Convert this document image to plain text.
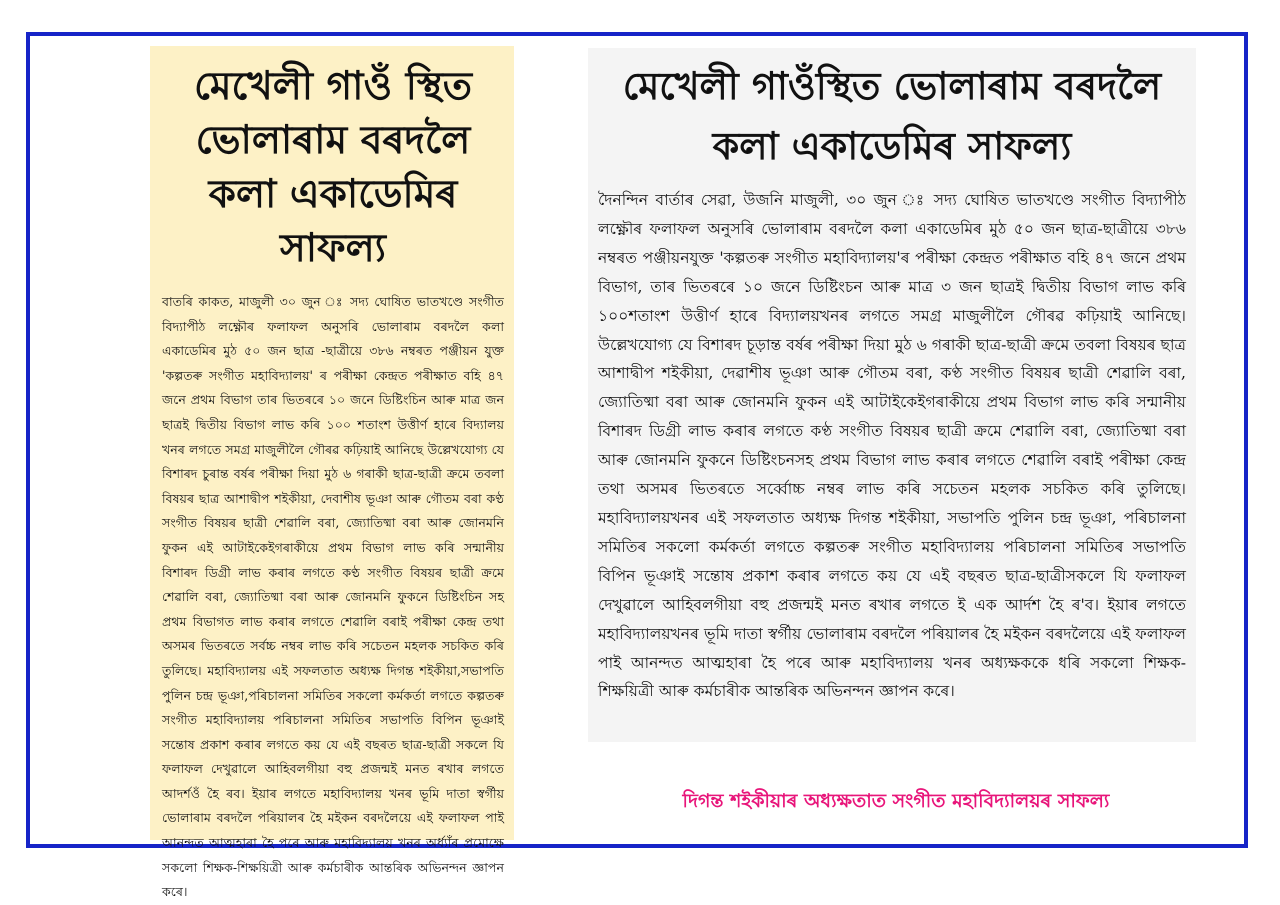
মেখেলী গাওঁ স্থিত ভোলাৰাম বৰদলৈ কলা একাডেমিৰ সাফল্য

বাতৰি কাকত, মাজুলী ৩০ জুন ঃ সদ্য ঘোষিত ভাতখণ্ডে সংগীত বিদ্যাপীঠ লক্ষ্ণৌৰ ফলাফল অনুসৰি ভোলাৰাম বৰদলৈ কলা একাডেমিৰ মুঠ ৫০ জন ছাত্ৰ -ছাত্ৰীয়ে ৩৮৬ নম্বৰত পঞ্জীয়ন যুক্ত 'কল্পতৰু সংগীত মহাবিদ্যালয়' ৰ পৰীক্ষা কেন্দ্ৰত পৰীক্ষাত বহি ৪৭ জনে প্ৰথম বিভাগ তাৰ ভিতৰৰে ১০ জনে ডিষ্টিংচিন আৰু মাত্ৰ জন ছাত্ৰই দ্বিতীয় বিভাগ লাভ কৰি ১০০ শতাংশ উত্তীৰ্ণ হাৰে বিদ্যালয় খনৰ লগতে সমগ্ৰ মাজুলীলৈ গৌৰৱ কঢ়িয়াই আনিছে উল্লেখযোগ্য যে বিশাৰদ চুৰান্ত বৰ্ষৰ পৰীক্ষা দিয়া মুঠ ৬ গৰাকী ছাত্ৰ-ছাত্ৰী ক্ৰমে তবলা বিষয়ৰ ছাত্ৰ আশাদ্বীপ শইকীয়া, দেবাশীষ ভূঞা আৰু গৌতম বৰা কণ্ঠ সংগীত বিষয়ৰ ছাত্ৰী শেৱালি বৰা, জ্যোতিষ্মা বৰা আৰু জোনমনি ফুকন এই আটাইকেইগৰাকীয়ে প্ৰথম বিভাগ লাভ কৰি সন্মানীয় বিশাৰদ ডিগ্ৰী লাভ কৰাৰ লগতে কণ্ঠ সংগীত বিষয়ৰ ছাত্ৰী ক্ৰমে শেৱালি বৰা, জ্যোতিষ্মা বৰা আৰু জোনমনি ফুকনে ডিষ্টিংচিন সহ প্ৰথম বিভাগত লাভ কৰাৰ লগতে শেৱালি বৰাই পৰীক্ষা কেন্দ্ৰ তথা অসমৰ ভিতৰতে সৰ্বচ্চ নম্বৰ লাভ কৰি সচেতন মহলক সচকিত কৰি তুলিছে। মহাবিদ্যালয় এই সফলতাত অধ্যক্ষ দিগন্ত শইকীয়া,সভাপতি পুলিন চন্দ্ৰ ভূঞা,পৰিচালনা সমিতিৰ সকলো কৰ্মকৰ্তা লগতে কল্পতৰু সংগীত মহাবিদ্যালয় পৰিচালনা সমিতিৰ সভাপতি বিপিন ভূঞাই সন্তোষ প্ৰকাশ কৰাৰ লগতে কয় যে এই বছৰত ছাত্ৰ-ছাত্ৰী সকলে যি ফলাফল দেখুৱালে আহিবলগীয়া বহু প্ৰজন্মই মনত ৰখাৰ লগতে আদৰ্শওঁ হৈ ৰব। ইয়াৰ লগতে মহাবিদ্যালয় খনৰ ভূমি দাতা স্বৰ্গীয় ভোলাৰাম বৰদলৈ পৰিয়ালৰ হৈ মইকন বৰদলৈয়ে এই ফলাফল পাই আনন্দত আত্মহাৰা হৈ পৰে আৰু মহাবিদ্যালয় খনৰ অৰ্ধ্যাঁৰ প্ৰমোক্ষে সকলো শিক্ষক-শিক্ষয়িত্ৰী আৰু কৰ্মচাৰীক আন্তৰিক অভিনন্দন জ্ঞাপন কৰে।

মেখেলী গাওঁস্থিত ভোলাৰাম বৰদলৈ কলা একাডেমিৰ সাফল্য

দৈনন্দিন বাৰ্তাৰ সেৱা, উজনি মাজুলী, ৩০ জুন ঃ সদ্য ঘোষিত ভাতখণ্ডে সংগীত বিদ্যাপীঠ লক্ষ্ণৌৰ ফলাফল অনুসৰি ভোলাৰাম বৰদলৈ কলা একাডেমিৰ মুঠ ৫০ জন ছাত্ৰ-ছাত্ৰীয়ে ৩৮৬ নম্বৰত পঞ্জীয়নযুক্ত 'কল্পতৰু সংগীত মহাবিদ্যালয়'ৰ পৰীক্ষা কেন্দ্ৰত পৰীক্ষাত বহি ৪৭ জনে প্ৰথম বিভাগ, তাৰ ভিতৰৰে ১০ জনে ডিষ্টিংচন আৰু মাত্ৰ ৩ জন ছাত্ৰই দ্বিতীয় বিভাগ লাভ কৰি ১০০শতাংশ উত্তীৰ্ণ হাৰে বিদ্যালয়খনৰ লগতে সমগ্ৰ মাজুলীলৈ গৌৰৱ কঢ়িয়াই আনিছে। উল্লেখযোগ্য যে বিশাৰদ চূড়ান্ত বৰ্ষৰ পৰীক্ষা দিয়া মুঠ ৬ গৰাকী ছাত্ৰ-ছাত্ৰী ক্ৰমে তবলা বিষয়ৰ ছাত্ৰ আশাদ্বীপ শইকীয়া, দেৱাশীষ ভূঞা আৰু গৌতম বৰা, কণ্ঠ সংগীত বিষয়ৰ ছাত্ৰী শেৱালি বৰা, জ্যোতিষ্মা বৰা আৰু জোনমনি ফুকন এই আটাইকেইগৰাকীয়ে প্ৰথম বিভাগ লাভ কৰি সন্মানীয় বিশাৰদ ডিগ্ৰী লাভ কৰাৰ লগতে কণ্ঠ সংগীত বিষয়ৰ ছাত্ৰী ক্ৰমে শেৱালি বৰা, জ্যোতিষ্মা বৰা আৰু জোনমনি ফুকনে ডিষ্টিংচনসহ প্ৰথম বিভাগ লাভ কৰাৰ লগতে শেৱালি বৰাই পৰীক্ষা কেন্দ্ৰ তথা অসমৰ ভিতৰতে সৰ্ব্বোচ্চ নম্বৰ লাভ কৰি সচেতন মহলক সচকিত কৰি তুলিছে। মহাবিদ্যালয়খনৰ এই সফলতাত অধ্যক্ষ দিগন্ত শইকীয়া, সভাপতি পুলিন চন্দ্ৰ ভূঞা, পৰিচালনা সমিতিৰ সকলো কৰ্মকৰ্তা লগতে কল্পতৰু সংগীত মহাবিদ্যালয় পৰিচালনা সমিতিৰ সভাপতি বিপিন ভূঞাই সন্তোষ প্ৰকাশ কৰাৰ লগতে কয় যে এই বছৰত ছাত্ৰ-ছাত্ৰীসকলে যি ফলাফল দেখুৱালে আহিবলগীয়া বহু প্ৰজন্মই মনত ৰখাৰ লগতে ই এক আৰ্দশ হৈ ৰ'ব। ইয়াৰ লগতে মহাবিদ্যালয়খনৰ ভূমি দাতা স্বৰ্গীয় ভোলাৰাম বৰদলৈ পৰিয়ালৰ হৈ মইকন বৰদলৈয়ে এই ফলাফল পাই আনন্দত আত্মহাৰা হৈ পৰে আৰু মহাবিদ্যালয় খনৰ অধ্যক্ষককে ধৰি সকলো শিক্ষক-শিক্ষয়িত্ৰী আৰু কৰ্মচাৰীক আন্তৰিক অভিনন্দন জ্ঞাপন কৰে।

দিগন্ত শইকীয়াৰ অধ্যক্ষতাত সংগীত মহাবিদ্যালয়ৰ সাফল্য
